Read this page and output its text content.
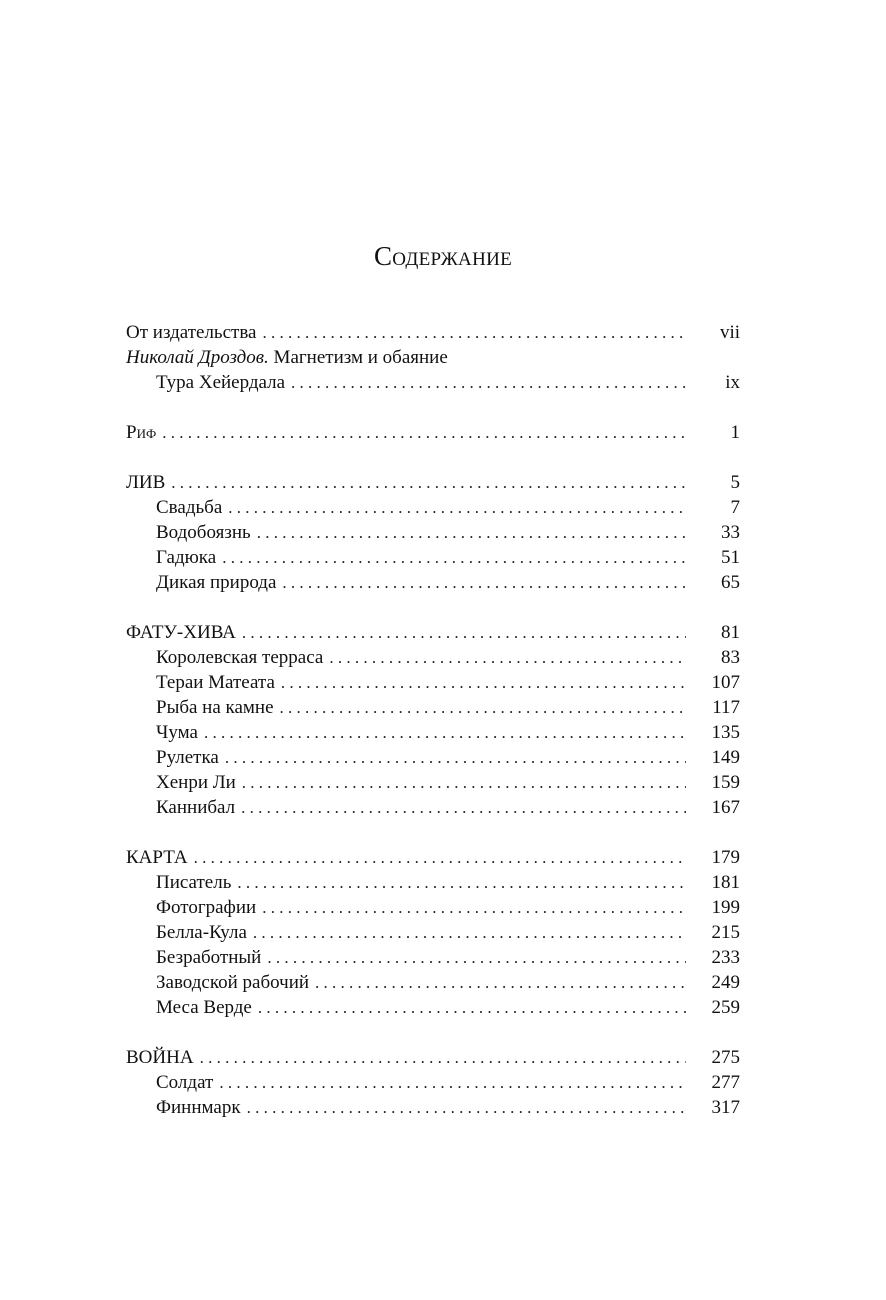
Содержание
От издательства . . .	vii
Николай Дроздов. Магнетизм и обаяние
Тура Хейердала . . .	ix
Риф . . .	1
ЛИВ . . .	5
Свадьба . . .	7
Водобоязнь . . .	33
Гадюка . . .	51
Дикая природа . . .	65
ФАТУ-ХИВА . . .	81
Королевская терраса . . .	83
Тераи Матеата . . .	107
Рыба на камне . . .	117
Чума . . .	135
Рулетка . . .	149
Хенри Ли . . .	159
Каннибал . . .	167
КАРТА . . .	179
Писатель . . .	181
Фотографии . . .	199
Белла-Кула . . .	215
Безработный . . .	233
Заводской рабочий . . .	249
Меса Верде . . .	259
ВОЙНА . . .	275
Солдат . . .	277
Финнмарк . . .	317
